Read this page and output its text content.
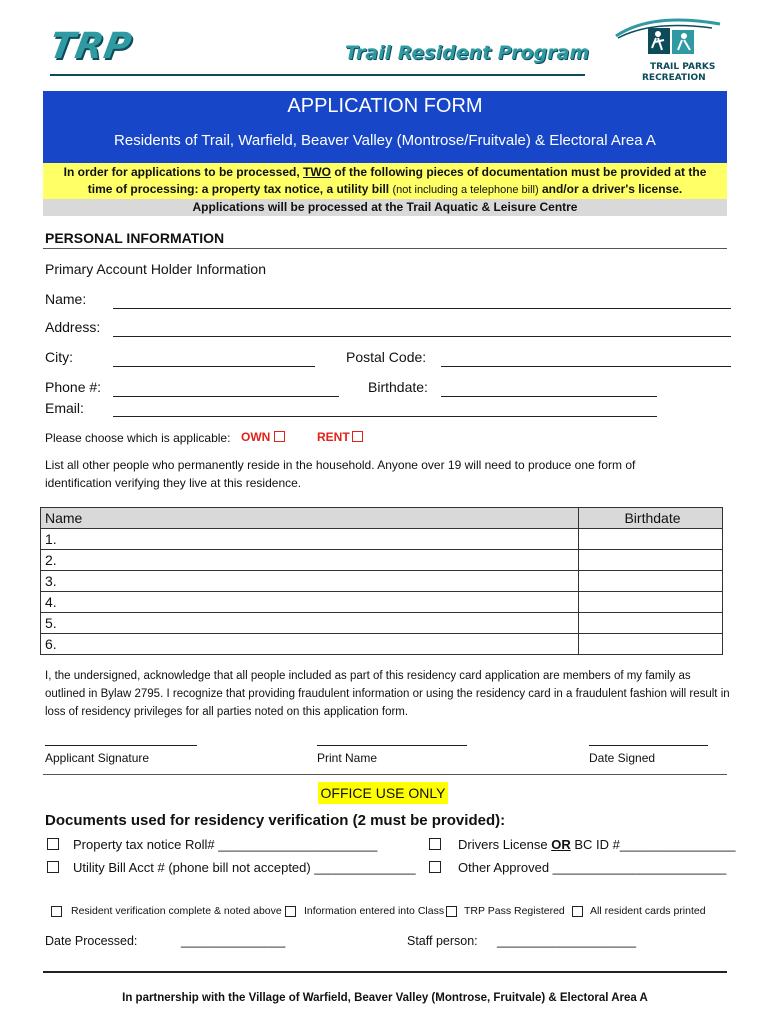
TRP	Trail Resident Program
TRAIL PARKS
RECREATION
APPLICATION FORM
Residents of Trail, Warfield, Beaver Valley (Montrose/Fruitvale) & Electoral Area A
In order for applications to be processed, TWO of the following pieces of documentation must be provided at the
time of processing: a property tax notice, a utility bill (not including a telephone bill) and/or a driver's license.
Applications will be processed at the Trail Aquatic & Leisure Centre
PERSONAL INFORMATION
Primary Account Holder Information
Name:
Address:
City:	Postal Code:
Phone #:	Birthdate:
Email:
Please choose which is applicable: OWN	RENT
List all other people who permanently reside in the household. Anyone over 19 will need to produce one form of
identification verifying they live at this residence.
Name	Birthdate
1.	
2.	
3.	
4.	
5.	
6.	
I, the undersigned, acknowledge that all people included as part of this residency card application are members of my family as
outlined in Bylaw 2795. I recognize that providing fraudulent information or using the residency card in a fraudulent fashion will result in
loss of residency privileges for all parties noted on this application form.
Applicant Signature	Print Name	Date Signed
OFFICE USE ONLY
Documents used for residency verification (2 must be provided):
Property tax notice Roll# ______________________	Drivers License OR BC ID #________________
Utility Bill Acct # (phone bill not accepted) ______________	Other Approved ________________________
Resident verification complete & noted above Information entered into Class TRP Pass Registered All resident cards printed
Date Processed:	_______________	Staff person: ____________________
In partnership with the Village of Warfield, Beaver Valley (Montrose, Fruitvale) & Electoral Area A
